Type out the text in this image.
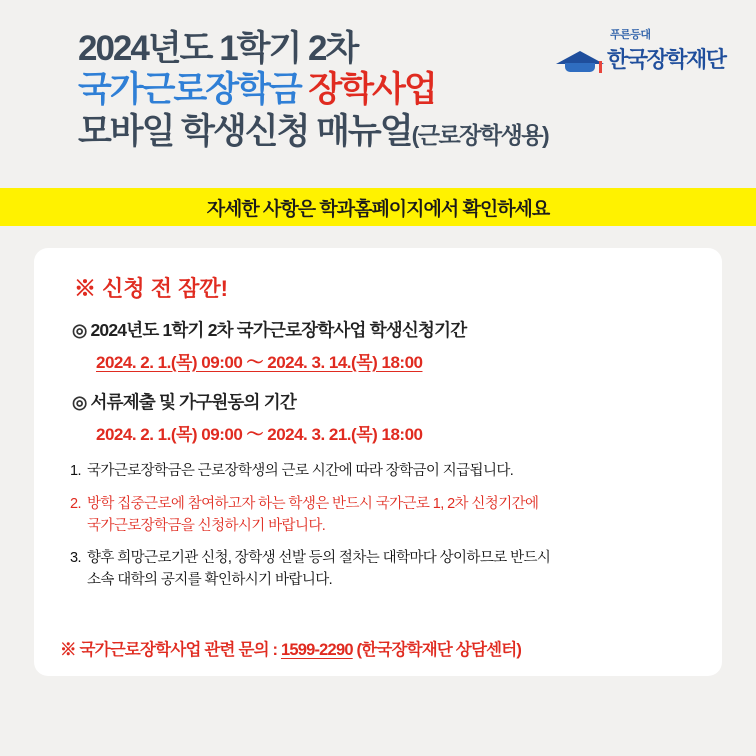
푸른등대
한국장학재단
2024년도 1학기 2차
국가근로장학금 장학사업
모바일 학생신청 매뉴얼(근로장학생용)
자세한 사항은 학과홈페이지에서 확인하세요
※ 신청 전 잠깐!
◎ 2024년도 1학기 2차 국가근로장학사업 학생신청기간
2024. 2. 1.(목) 09:00 ～ 2024. 3. 14.(목) 18:00
◎ 서류제출 및 가구원동의 기간
2024. 2. 1.(목) 09:00 ～ 2024. 3. 21.(목) 18:00
1. 국가근로장학금은 근로장학생의 근로 시간에 따라 장학금이 지급됩니다.
2. 방학 집중근로에 참여하고자 하는 학생은 반드시 국가근로 1, 2차 신청기간에
국가근로장학금을 신청하시기 바랍니다.
3. 향후 희망근로기관 신청, 장학생 선발 등의 절차는 대학마다 상이하므로 반드시
소속 대학의 공지를 확인하시기 바랍니다.
※ 국가근로장학사업 관련 문의 : 1599-2290 (한국장학재단 상담센터)
